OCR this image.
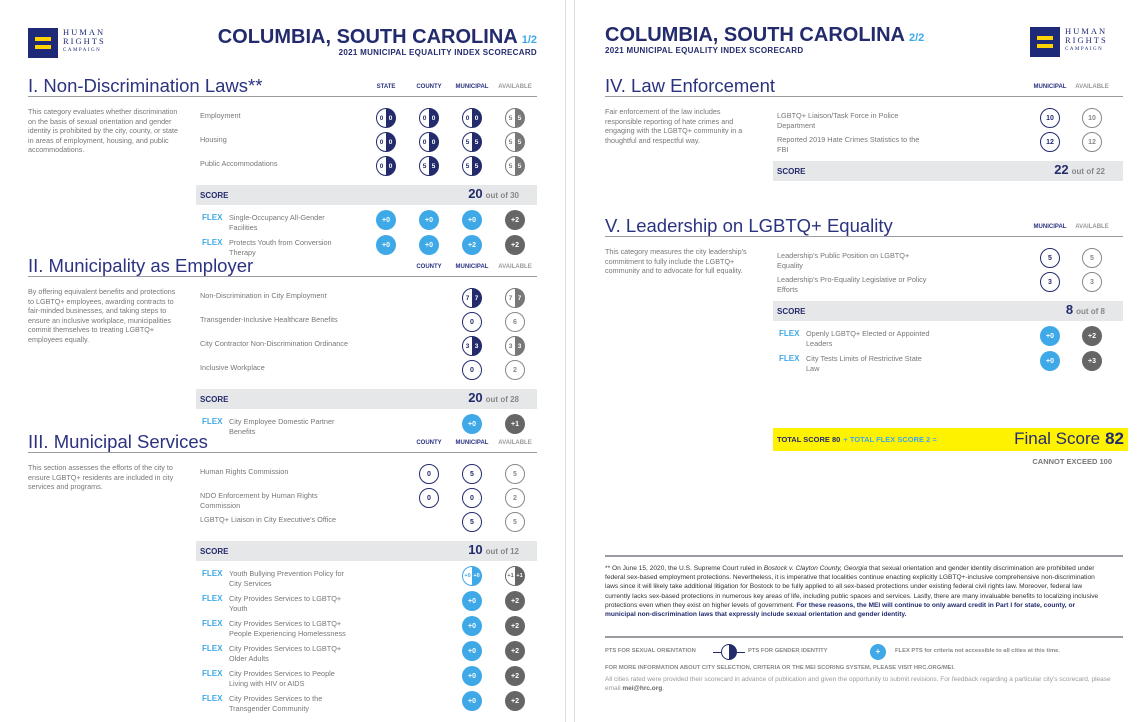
HUMAN
RIGHTS
CAMPAIGN
COLUMBIA, SOUTH CAROLINA 1/2
2021 MUNICIPAL EQUALITY INDEX SCORECARD
COLUMBIA, SOUTH CAROLINA 2/2
2021 MUNICIPAL EQUALITY INDEX SCORECARD
HUMAN
RIGHTS
CAMPAIGN
I. Non-Discrimination Laws**	STATE	COUNTY MUNICIPAL AVAILABLE
This category evaluates whether discrimination on the basis of sexual orientation and gender identity is prohibited by the city, county, or state in areas of employment, housing, and public accommodations.
Employment	0 0	0 0	0 0	5 5
Housing	0 0	0 0	5 5	5 5
Public Accommodations	0 0	5 5	5 5	5 5
SCORE	20 out of 30
FLEX Single-Occupancy All-Gender Facilities
+0	+0	+0	+2
FLEX Protects Youth from Conversion Therapy
+0	+0	+2	+2
II. Municipality as Employer	COUNTY MUNICIPAL AVAILABLE
By offering equivalent benefits and protections to LGBTQ+ employees, awarding contracts to fair-minded businesses, and taking steps to ensure an inclusive workplace, municipalities commit themselves to treating LGBTQ+ employees equally.
Non-Discrimination in City Employment	7 7	7 7
Transgender-Inclusive Healthcare Benefits	0	6
City Contractor Non-Discrimination Ordinance	3 3	3 3
Inclusive Workplace	0	2
SCORE	20 out of 28
FLEX City Employee Domestic Partner Benefits
+0	+1
III. Municipal Services	COUNTY MUNICIPAL AVAILABLE
This section assesses the efforts of the city to ensure LGBTQ+ residents are included in city services and programs.
Human Rights Commission	0	5	5
NDO Enforcement by Human Rights Commission
0	0	2
LGBTQ+ Liaison in City Executive's Office	5	5
SCORE	10 out of 12
FLEX Youth Bullying Prevention Policy for City Services
+0 +0	+1 +1
FLEX City Provides Services to LGBTQ+ Youth
+0	+2
FLEX City Provides Services to LGBTQ+ People Experiencing Homelessness
+0	+2
FLEX City Provides Services to LGBTQ+ Older Adults
+0	+2
FLEX City Provides Services to People Living with HIV or AIDS
+0	+2
FLEX City Provides Services to the Transgender Community
+0	+2
IV. Law Enforcement	MUNICIPAL AVAILABLE
Fair enforcement of the law includes responsible reporting of hate crimes and engaging with the LGBTQ+ community in a thoughtful and respectful way.
LGBTQ+ Liaison/Task Force in Police Department
10	10
Reported 2019 Hate Crimes Statistics to the FBI
12	12
SCORE	22 out of 22
V. Leadership on LGBTQ+ Equality	MUNICIPAL AVAILABLE
This category measures the city leadership's commitment to fully include the LGBTQ+ community and to advocate for full equality.
Leadership's Public Position on LGBTQ+ Equality
5	5
Leadership's Pro-Equality Legislative or Policy Efforts
3	3
SCORE	8 out of 8
FLEX Openly LGBTQ+ Elected or Appointed Leaders
+0	+2
FLEX City Tests Limits of Restrictive State Law
+0	+3
TOTAL SCORE 80 + TOTAL FLEX SCORE 2 =	Final Score 82
CANNOT EXCEED 100
** On June 15, 2020, the U.S. Supreme Court ruled in Bostock v. Clayton County, Georgia that sexual orientation and gender identity discrimination are prohibited under federal sex-based employment protections. Nevertheless, it is imperative that localities continue enacting explicitly LGBTQ+-inclusive comprehensive non-discrimination laws since it will likely take additional litigation for Bostock to be fully applied to all sex-based protections under existing federal civil rights law. Moreover, federal law currently lacks sex-based protections in numerous key areas of life, including public spaces and services. Lastly, there are many invaluable benefits to localizing inclusive protections even when they exist on higher levels of government. For these reasons, the MEI will continue to only award credit in Part I for state, county, or municipal non-discrimination laws that expressly include sexual orientation and gender identity.
PTS FOR SEXUAL ORIENTATION	PTS FOR GENDER IDENTITY	+	FLEX PTS for criteria not accessible to all cities at this time.
FOR MORE INFORMATION ABOUT CITY SELECTION, CRITERIA OR THE MEI SCORING SYSTEM, PLEASE VISIT HRC.ORG/MEI.
All cities rated were provided their scorecard in advance of publication and given the opportunity to submit revisions. For feedback regarding a particular city's scorecard, please email mei@hrc.org.
